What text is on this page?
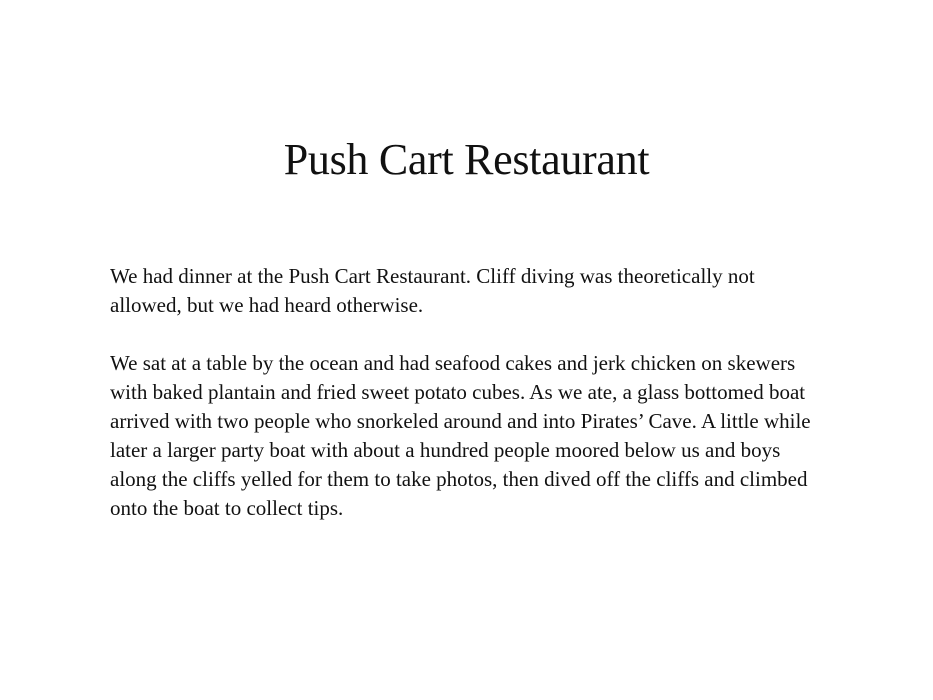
Push Cart Restaurant

We had dinner at the Push Cart Restaurant. Cliff diving was theoretically not allowed, but we had heard otherwise.

We sat at a table by the ocean and had seafood cakes and jerk chicken on skewers with baked plantain and fried sweet potato cubes. As we ate, a glass bottomed boat arrived with two people who snorkeled around and into Pirates’ Cave. A little while later a larger party boat with about a hundred people moored below us and boys along the cliffs yelled for them to take photos, then dived off the cliffs and climbed onto the boat to collect tips.
